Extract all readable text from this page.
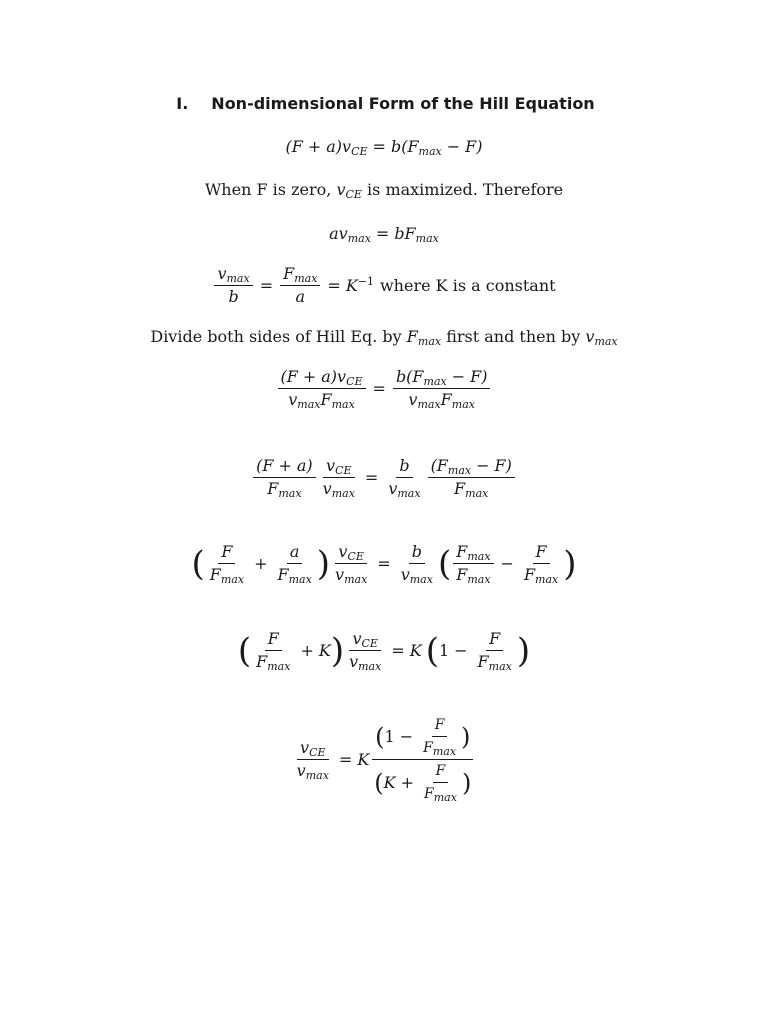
I. Non-dimensional Form of the Hill Equation
$(F + a)v_{CE} = b(F_{max} - F)$
When F is zero, $v_{CE}$ is maximized. Therefore
$av_{max} = bF_{max}$
$\frac{v_{max}}{b} = \frac{F_{max}}{a} = K^{-1}$ where K is a constant
Divide both sides of Hill Eq. by $F_{max}$ first and then by $v_{max}$
$\frac{(F + a)v_{CE}}{v_{max}F_{max}} = \frac{b(F_{max} - F)}{v_{max}F_{max}}$
$\frac{(F + a)}{F_{max}} \frac{v_{CE}}{v_{max}} = \frac{b}{v_{max}} \frac{(F_{max} - F)}{F_{max}}$
( $\frac{F}{F_{max}} + \frac{a}{F_{max}}$ ) $\frac{v_{CE}}{v_{max}} = \frac{b}{v_{max}}$ ( $\frac{F_{max}}{F_{max}} - \frac{F}{F_{max}}$ )
( $\frac{F}{F_{max}} + K$ ) $\frac{v_{CE}}{v_{max}} = K$ ( $1 - \frac{F}{F_{max}}$ )
$\frac{v_{CE}}{v_{max}} = K \frac{( 1 - \frac{F}{F_{max}} )}{( K + \frac{F}{F_{max}} )}$
